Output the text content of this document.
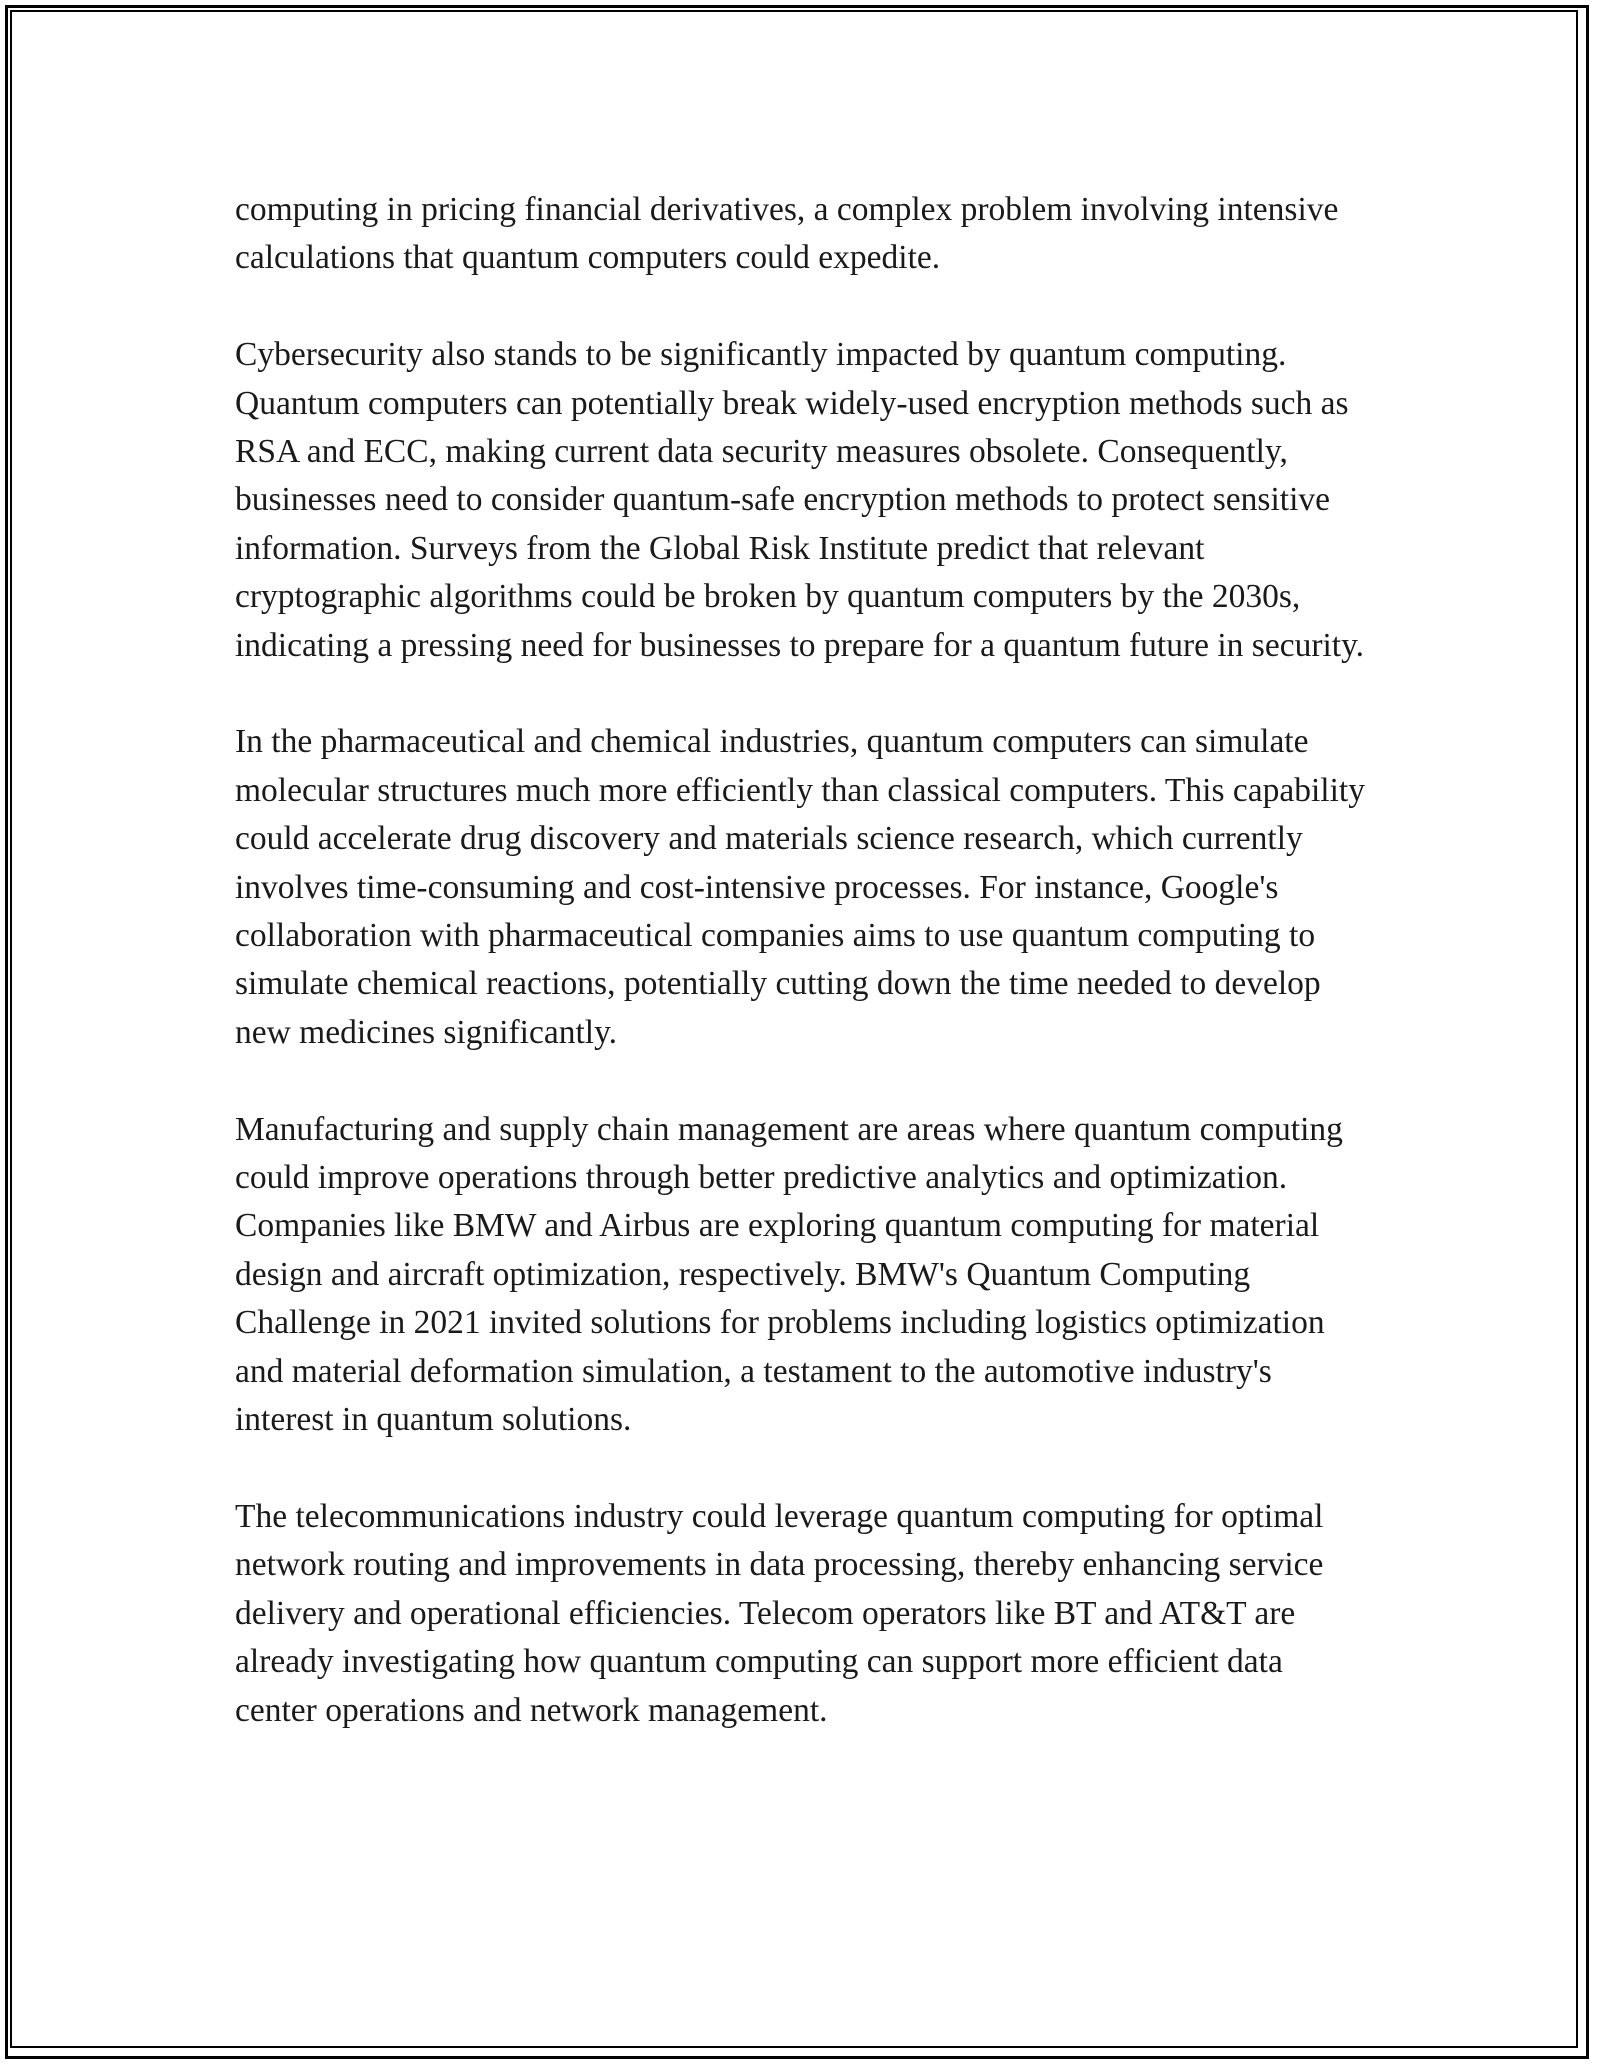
computing in pricing financial derivatives, a complex problem involving intensive calculations that quantum computers could expedite.

Cybersecurity also stands to be significantly impacted by quantum computing. Quantum computers can potentially break widely-used encryption methods such as RSA and ECC, making current data security measures obsolete. Consequently, businesses need to consider quantum-safe encryption methods to protect sensitive information. Surveys from the Global Risk Institute predict that relevant cryptographic algorithms could be broken by quantum computers by the 2030s, indicating a pressing need for businesses to prepare for a quantum future in security.

In the pharmaceutical and chemical industries, quantum computers can simulate molecular structures much more efficiently than classical computers. This capability could accelerate drug discovery and materials science research, which currently involves time-consuming and cost-intensive processes. For instance, Google's collaboration with pharmaceutical companies aims to use quantum computing to simulate chemical reactions, potentially cutting down the time needed to develop new medicines significantly.

Manufacturing and supply chain management are areas where quantum computing could improve operations through better predictive analytics and optimization. Companies like BMW and Airbus are exploring quantum computing for material design and aircraft optimization, respectively. BMW's Quantum Computing Challenge in 2021 invited solutions for problems including logistics optimization and material deformation simulation, a testament to the automotive industry's interest in quantum solutions.

The telecommunications industry could leverage quantum computing for optimal network routing and improvements in data processing, thereby enhancing service delivery and operational efficiencies. Telecom operators like BT and AT&T are already investigating how quantum computing can support more efficient data center operations and network management.
